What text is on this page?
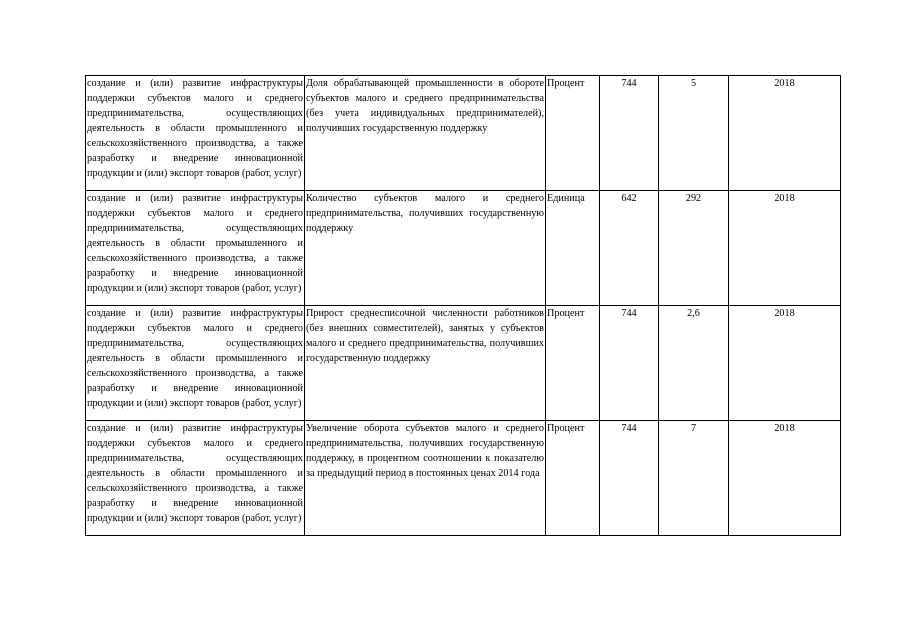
создание и (или) развитие инфраструктуры поддержки субъектов малого и среднего предпринимательства, осуществляющих деятельность в области промышленного и сельскохозяйственного производства, а также разработку и внедрение инновационной продукции и (или) экспорт товаров (работ, услуг)	Доля обрабатывающей промышленности в обороте субъектов малого и среднего предпринимательства (без учета индивидуальных предпринимателей), получивших государственную поддержку	Процент	744	5	2018

создание и (или) развитие инфраструктуры поддержки субъектов малого и среднего предпринимательства, осуществляющих деятельность в области промышленного и сельскохозяйственного производства, а также разработку и внедрение инновационной продукции и (или) экспорт товаров (работ, услуг)	Количество субъектов малого и среднего предпринимательства, получивших государственную поддержку	Единица	642	292	2018

создание и (или) развитие инфраструктуры поддержки субъектов малого и среднего предпринимательства, осуществляющих деятельность в области промышленного и сельскохозяйственного производства, а также разработку и внедрение инновационной продукции и (или) экспорт товаров (работ, услуг)	Прирост среднесписочной численности работников (без внешних совместителей), занятых у субъектов малого и среднего предпринимательства, получивших государственную поддержку	Процент	744	2,6	2018

создание и (или) развитие инфраструктуры поддержки субъектов малого и среднего предпринимательства, осуществляющих деятельность в области промышленного и сельскохозяйственного производства, а также разработку и внедрение инновационной продукции и (или) экспорт товаров (работ, услуг)	Увеличение оборота субъектов малого и среднего предпринимательства, получивших государственную поддержку, в процентном соотношении к показателю за предыдущий период в постоянных ценах 2014 года	Процент	744	7	2018
